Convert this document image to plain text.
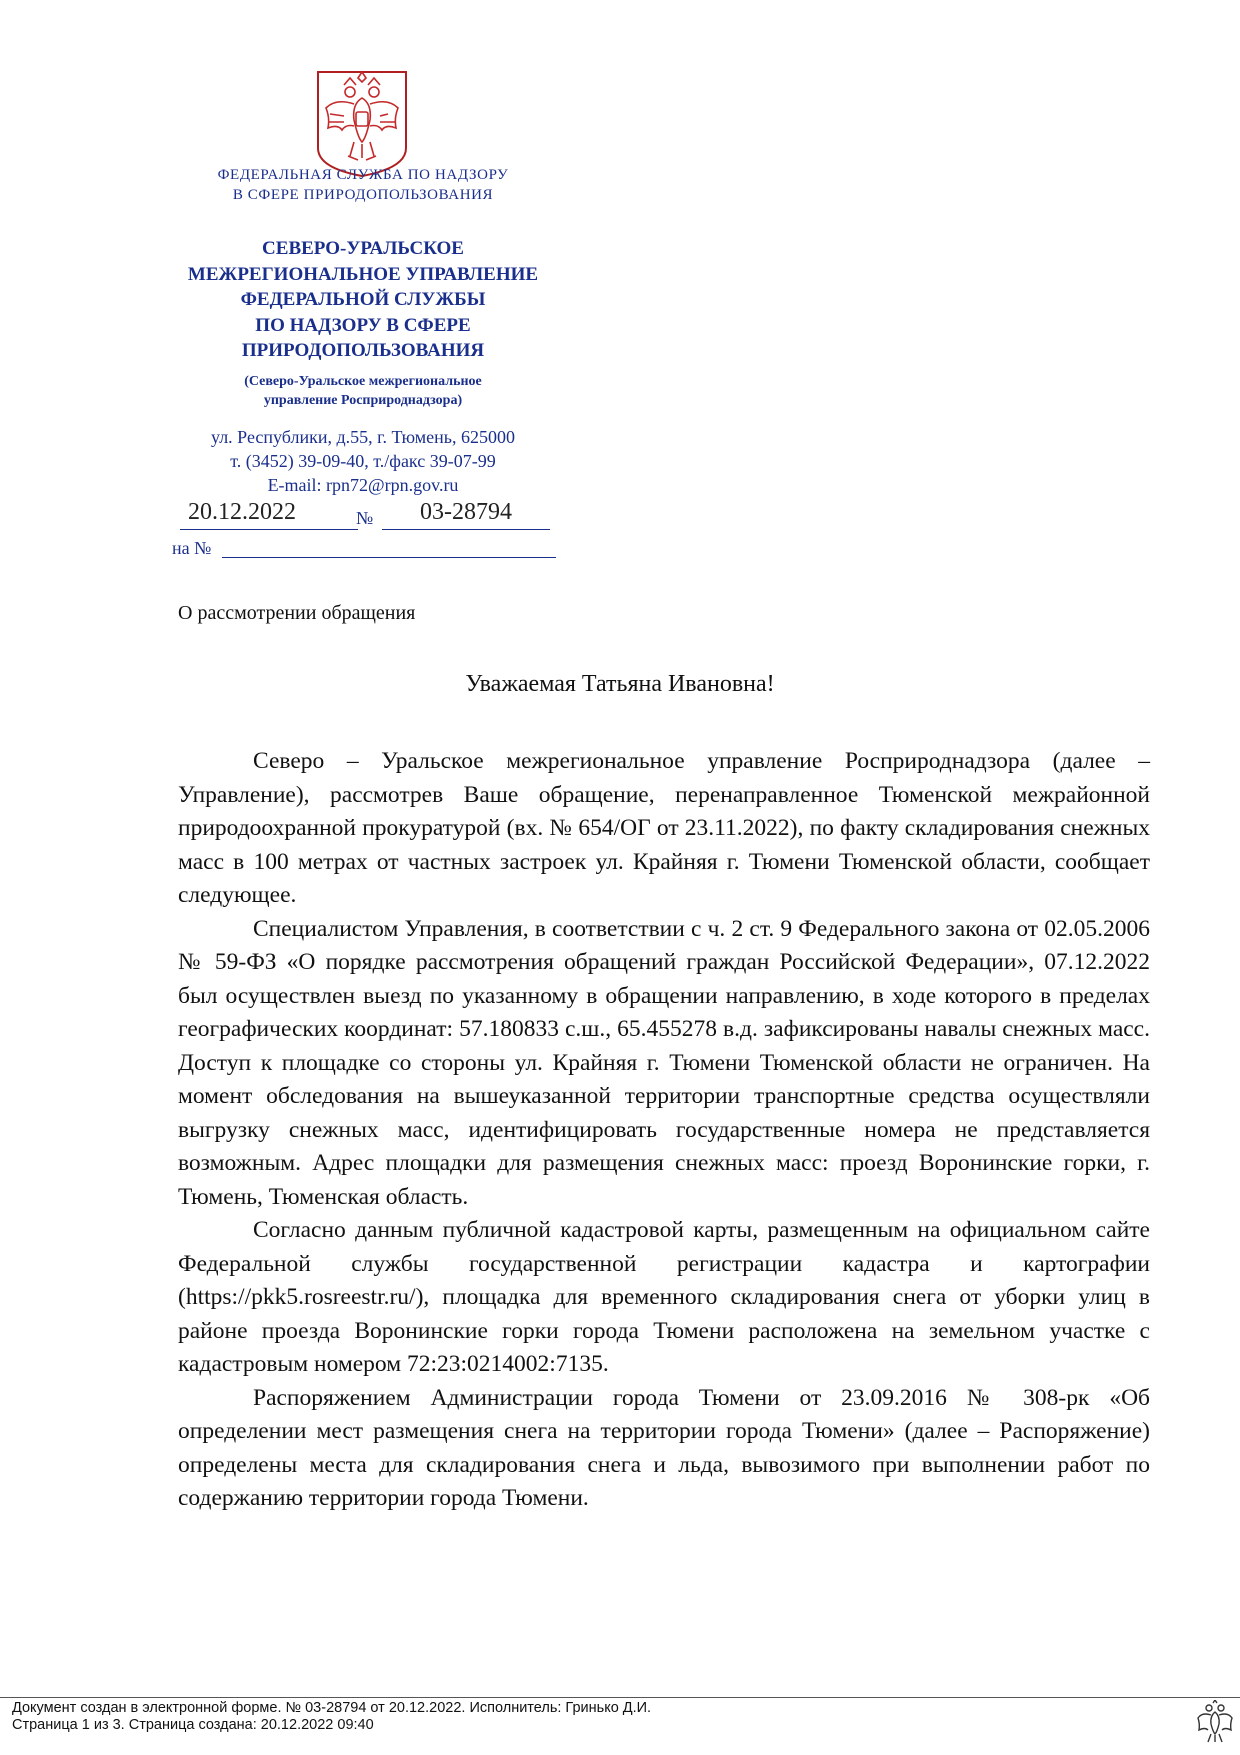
ФЕДЕРАЛЬНАЯ СЛУЖБА ПО НАДЗОРУ
В СФЕРЕ ПРИРОДОПОЛЬЗОВАНИЯ
СЕВЕРО-УРАЛЬСКОЕ
МЕЖРЕГИОНАЛЬНОЕ УПРАВЛЕНИЕ
ФЕДЕРАЛЬНОЙ СЛУЖБЫ
ПО НАДЗОРУ В СФЕРЕ
ПРИРОДОПОЛЬЗОВАНИЯ
(Северо-Уральское межрегиональное
управление Росприроднадзора)
ул. Республики, д.55, г. Тюмень, 625000
т. (3452) 39-09-40, т./факс 39-07-99
E-mail: rpn72@rpn.gov.ru
20.12.2022	№	03-28794
на №
О рассмотрении обращения
Уважаемая Татьяна Ивановна!

Северо – Уральское межрегиональное управление Росприроднадзора (далее – Управление), рассмотрев Ваше обращение, перенаправленное Тюменской межрайонной природоохранной прокуратурой (вх. № 654/ОГ от 23.11.2022), по факту складирования снежных масс в 100 метрах от частных застроек ул. Крайняя г. Тюмени Тюменской области, сообщает следующее.

Специалистом Управления, в соответствии с ч. 2 ст. 9 Федерального закона от 02.05.2006 № 59-ФЗ «О порядке рассмотрения обращений граждан Российской Федерации», 07.12.2022 был осуществлен выезд по указанному в обращении направлению, в ходе которого в пределах географических координат: 57.180833 с.ш., 65.455278 в.д. зафиксированы навалы снежных масс. Доступ к площадке со стороны ул. Крайняя г. Тюмени Тюменской области не ограничен. На момент обследования на вышеуказанной территории транспортные средства осуществляли выгрузку снежных масс, идентифицировать государственные номера не представляется возможным. Адрес площадки для размещения снежных масс: проезд Воронинские горки, г. Тюмень, Тюменская область.

Согласно данным публичной кадастровой карты, размещенным на официальном сайте Федеральной службы государственной регистрации кадастра и картографии (https://pkk5.rosreestr.ru/), площадка для временного складирования снега от уборки улиц в районе проезда Воронинские горки города Тюмени расположена на земельном участке с кадастровым номером 72:23:0214002:7135.

Распоряжением Администрации города Тюмени от 23.09.2016 № 308-рк «Об определении мест размещения снега на территории города Тюмени» (далее – Распоряжение) определены места для складирования снега и льда, вывозимого при выполнении работ по содержанию территории города Тюмени.

Документ создан в электронной форме. № 03-28794 от 20.12.2022. Исполнитель: Гринько Д.И.
Страница 1 из 3. Страница создана: 20.12.2022 09:40
